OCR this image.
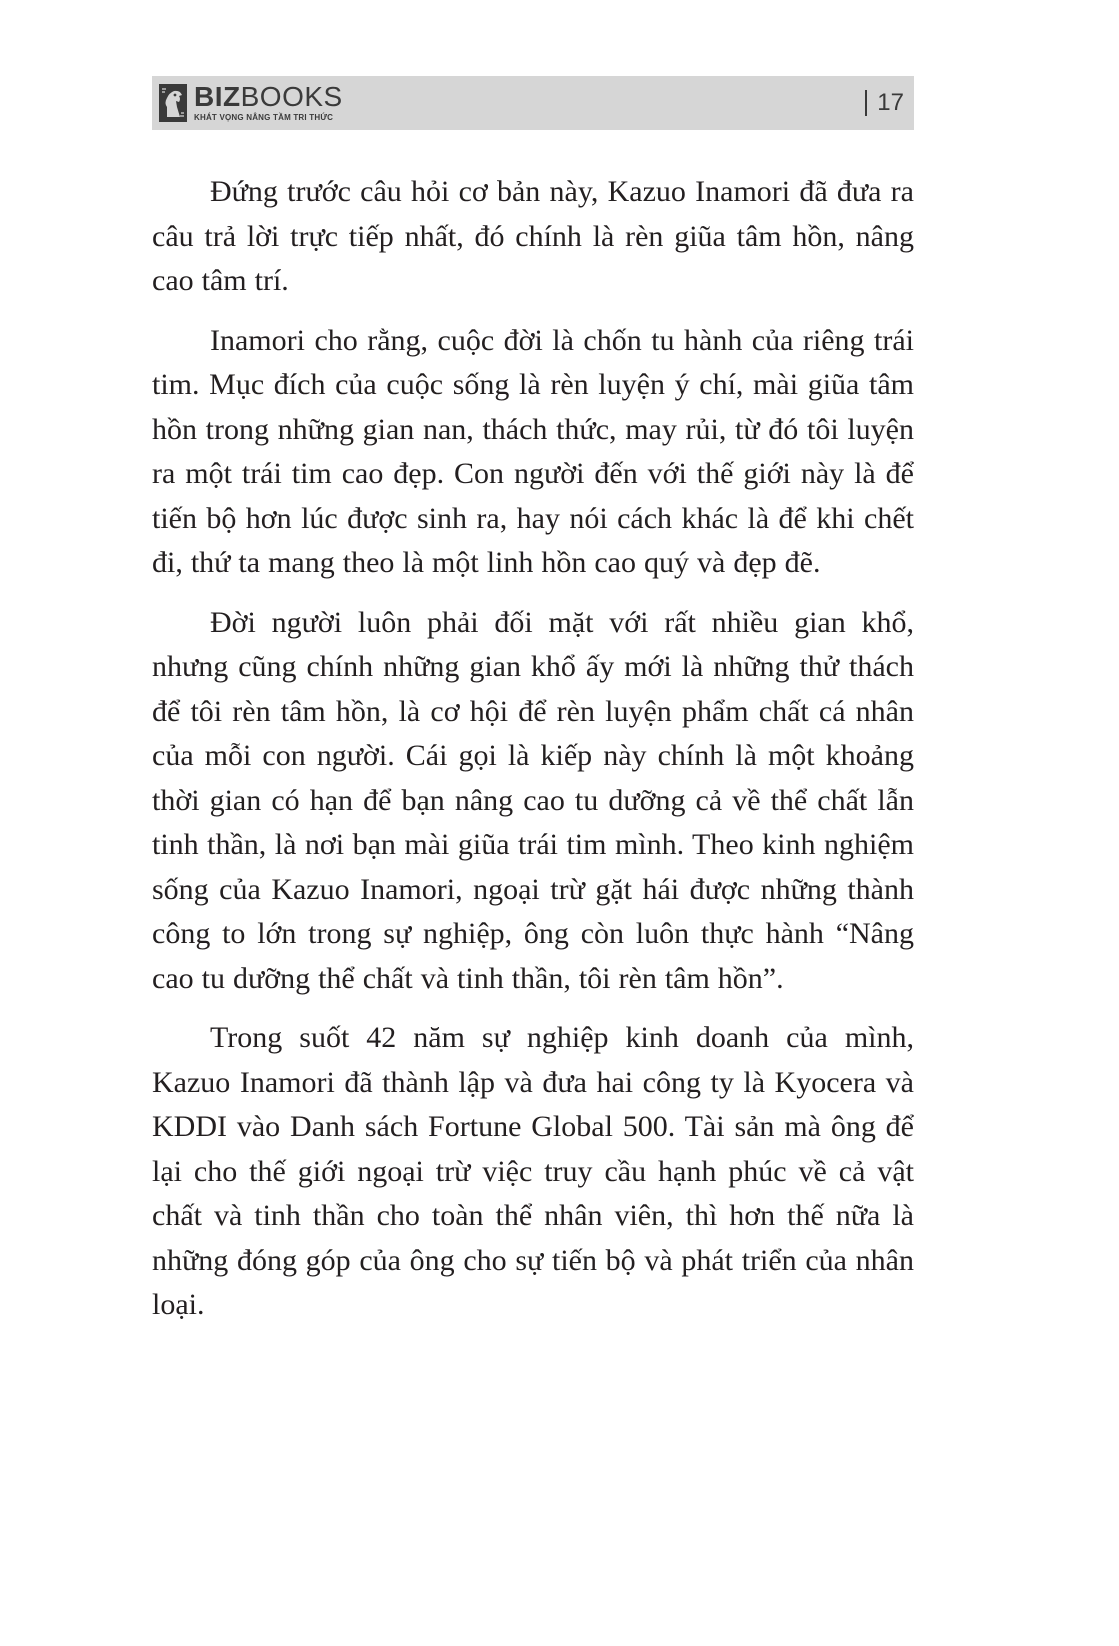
BIZBOOKS
KHÁT VỌNG NÂNG TẦM TRI THỨC
17

Đứng trước câu hỏi cơ bản này, Kazuo Inamori đã đưa ra câu trả lời trực tiếp nhất, đó chính là rèn giũa tâm hồn, nâng cao tâm trí.

Inamori cho rằng, cuộc đời là chốn tu hành của riêng trái tim. Mục đích của cuộc sống là rèn luyện ý chí, mài giũa tâm hồn trong những gian nan, thách thức, may rủi, từ đó tôi luyện ra một trái tim cao đẹp. Con người đến với thế giới này là để tiến bộ hơn lúc được sinh ra, hay nói cách khác là để khi chết đi, thứ ta mang theo là một linh hồn cao quý và đẹp đẽ.

Đời người luôn phải đối mặt với rất nhiều gian khổ, nhưng cũng chính những gian khổ ấy mới là những thử thách để tôi rèn tâm hồn, là cơ hội để rèn luyện phẩm chất cá nhân của mỗi con người. Cái gọi là kiếp này chính là một khoảng thời gian có hạn để bạn nâng cao tu dưỡng cả về thể chất lẫn tinh thần, là nơi bạn mài giũa trái tim mình. Theo kinh nghiệm sống của Kazuo Inamori, ngoại trừ gặt hái được những thành công to lớn trong sự nghiệp, ông còn luôn thực hành “Nâng cao tu dưỡng thể chất và tinh thần, tôi rèn tâm hồn”.

Trong suốt 42 năm sự nghiệp kinh doanh của mình, Kazuo Inamori đã thành lập và đưa hai công ty là Kyocera và KDDI vào Danh sách Fortune Global 500. Tài sản mà ông để lại cho thế giới ngoại trừ việc truy cầu hạnh phúc về cả vật chất và tinh thần cho toàn thể nhân viên, thì hơn thế nữa là những đóng góp của ông cho sự tiến bộ và phát triển của nhân loại.
